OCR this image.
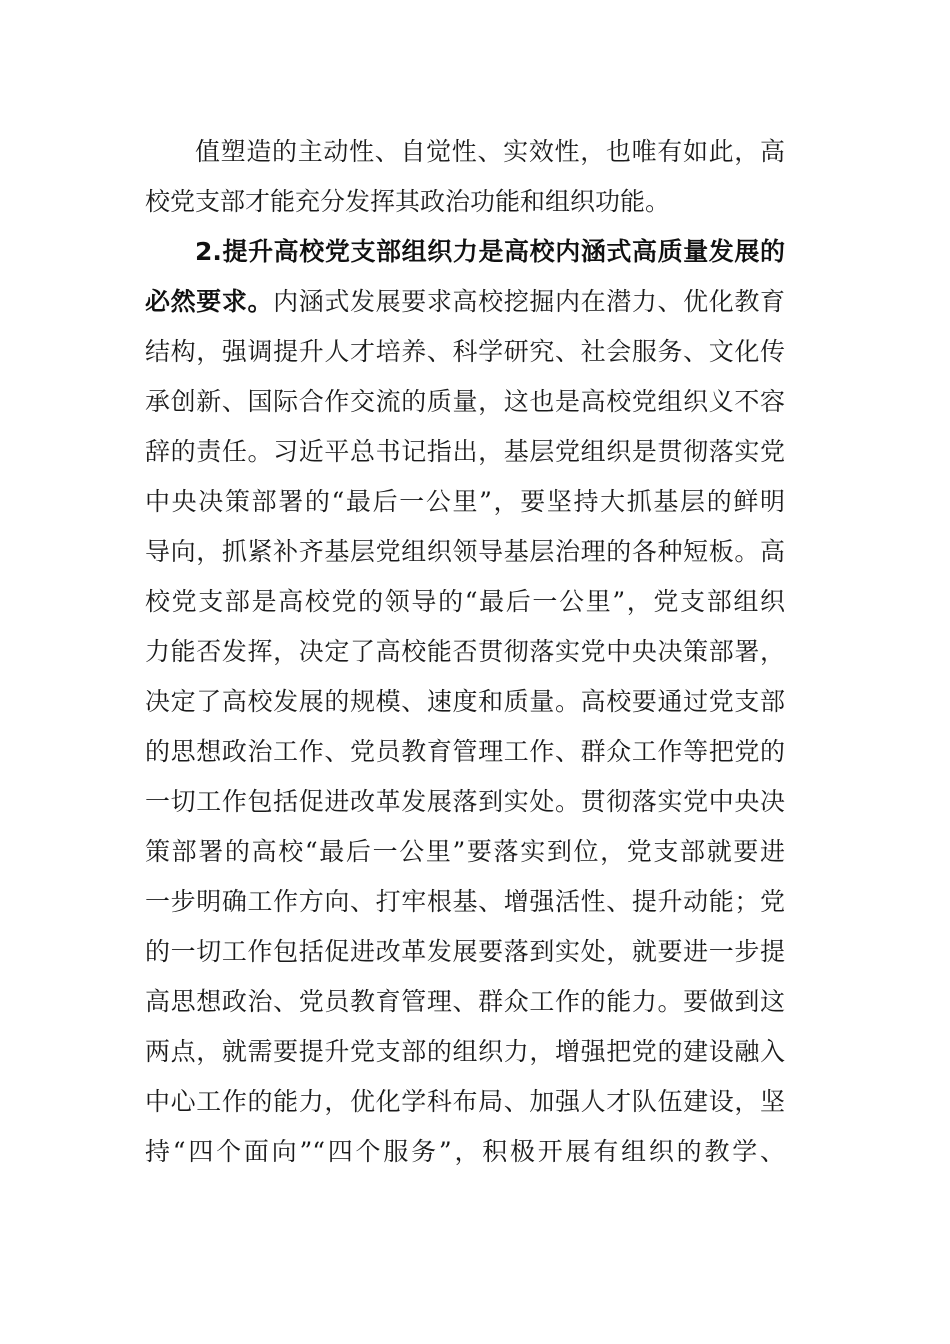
值塑造的主动性、自觉性、实效性，也唯有如此，高
校党支部才能充分发挥其政治功能和组织功能。
2.提升高校党支部组织力是高校内涵式高质量发展的
必然要求。内涵式发展要求高校挖掘内在潜力、优化教育
结构，强调提升人才培养、科学研究、社会服务、文化传
承创新、国际合作交流的质量，这也是高校党组织义不容
辞的责任。习近平总书记指出，基层党组织是贯彻落实党
中央决策部署的“最后一公里”，要坚持大抓基层的鲜明
导向，抓紧补齐基层党组织领导基层治理的各种短板。高
校党支部是高校党的领导的“最后一公里”，党支部组织
力能否发挥，决定了高校能否贯彻落实党中央决策部署，
决定了高校发展的规模、速度和质量。高校要通过党支部
的思想政治工作、党员教育管理工作、群众工作等把党的
一切工作包括促进改革发展落到实处。贯彻落实党中央决
策部署的高校“最后一公里”要落实到位，党支部就要进
一步明确工作方向、打牢根基、增强活性、提升动能；党
的一切工作包括促进改革发展要落到实处，就要进一步提
高思想政治、党员教育管理、群众工作的能力。要做到这
两点，就需要提升党支部的组织力，增强把党的建设融入
中心工作的能力，优化学科布局、加强人才队伍建设，坚
持“四个面向”“四个服务”，积极开展有组织的教学、
